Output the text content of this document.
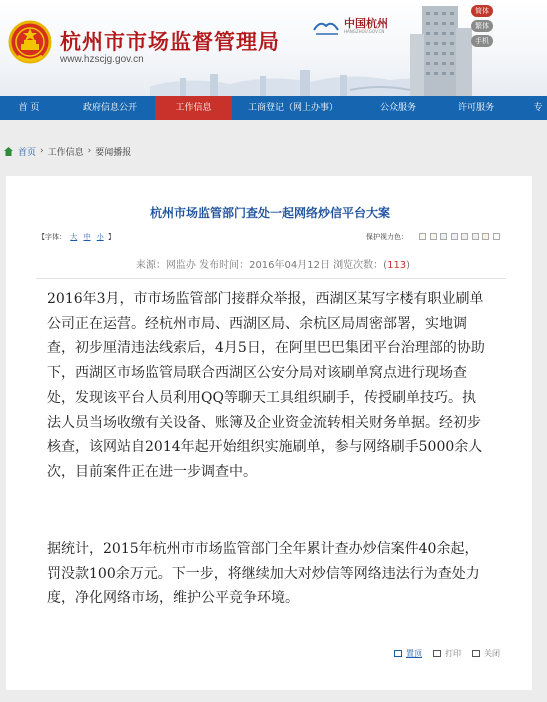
杭州市市场监督管理局
www.hzscjg.gov.cn
中国杭州
HANGZHOU.GOV.CN
简体
繁体
手机
首 页	政府信息公开	工作信息	工商登记（网上办事）	公众服务	许可服务	专
首页 › 工作信息 › 要闻播报
杭州市场监管部门查处一起网络炒信平台大案
【字体： 大 中 小 】	保护视力色：
来源：网监办 发布时间：2016年04月12日 浏览次数：(113)
2016年3月，市市场监管部门接群众举报，西湖区某写字楼有职业刷单公司正在运营。经杭州市局、西湖区局、余杭区局周密部署，实地调查，初步厘清违法线索后，4月5日，在阿里巴巴集团平台治理部的协助下，西湖区市场监管局联合西湖区公安分局对该刷单窝点进行现场查处，发现该平台人员利用QQ等聊天工具组织刷手，传授刷单技巧。执法人员当场收缴有关设备、账簿及企业资金流转相关财务单据。经初步核查，该网站自2014年起开始组织实施刷单，参与网络刷手5000余人次，目前案件正在进一步调查中。
据统计，2015年杭州市市场监管部门全年累计查办炒信案件40余起，罚没款100余万元。下一步，将继续加大对炒信等网络违法行为查处力度，净化网络市场，维护公平竞争环境。
置顶	打印	关闭
